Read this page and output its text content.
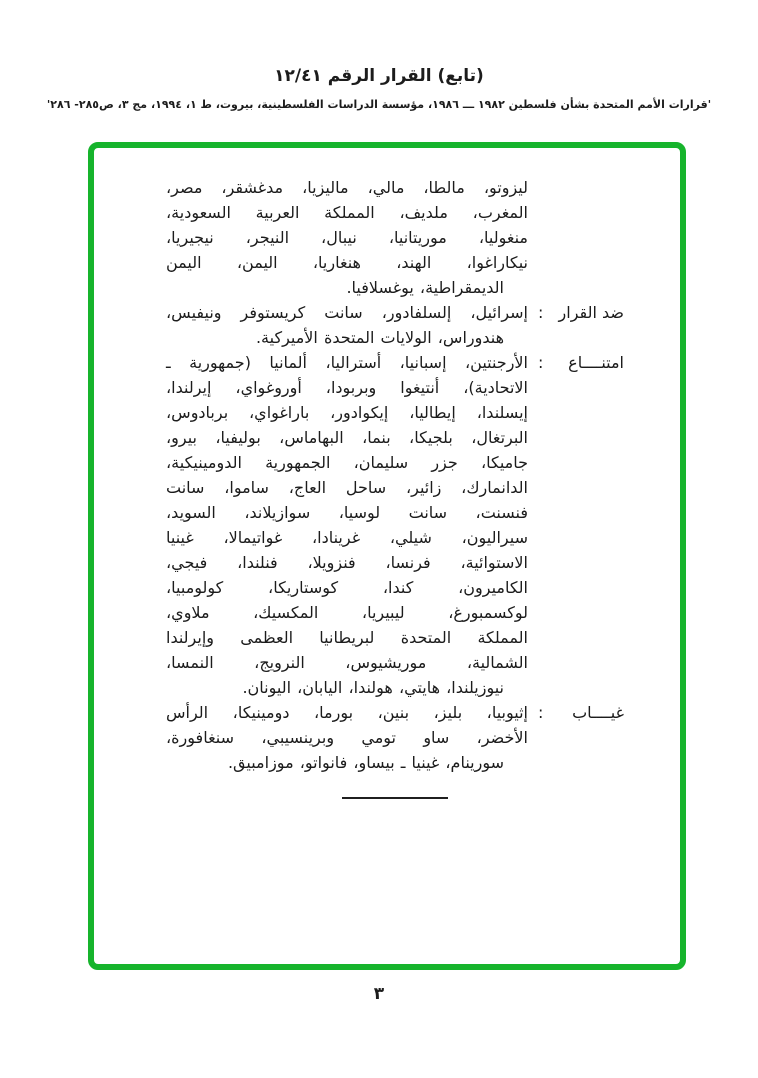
(تابع) القرار الرقم ١٢/٤١
'قرارات الأمم المتحدة بشأن فلسطين ١٩٨٢ ـــ ١٩٨٦، مؤسسة الدراسات الفلسطينية، بيروت، ط ١، ١٩٩٤، مج ٣، ص٢٨٥- ٢٨٦'
ليزوتو، مالطا، مالي، ماليزيا، مدغشقر، مصر،
المغرب، ملديف، المملكة العربية السعودية،
منغوليا، موريتانيا، نيبال، النيجر، نيجيريا،
نيكاراغوا، الهند، هنغاريا، اليمن، اليمن
الديمقراطية، يوغسلافيا.
ضد القرار
:
إسرائيل، إلسلفادور، سانت كريستوفر ونيفيس،
هندوراس، الولايات المتحدة الأميركية.
امتنــــاع
:
الأرجنتين، إسبانيا، أستراليا، ألمانيا (جمهورية ـ
الاتحادية)، أنتيغوا وبربودا، أوروغواي، إيرلندا،
إيسلندا، إيطاليا، إيكوادور، باراغواي، بربادوس،
البرتغال، بلجيكا، بنما، البهاماس، بوليفيا، بيرو،
جاميكا، جزر سليمان، الجمهورية الدومينيكية،
الدانمارك، زائير، ساحل العاج، ساموا، سانت
فنسنت، سانت لوسيا، سوازيلاند، السويد،
سيراليون، شيلي، غرينادا، غواتيمالا، غينيا
الاستوائية، فرنسا، فنزويلا، فنلندا، فيجي،
الكاميرون، كندا، كوستاريكا، كولومبيا،
لوكسمبورغ، ليبيريا، المكسيك، ملاوي،
المملكة المتحدة لبريطانيا العظمى وإيرلندا
الشمالية، موريشيوس، النرويج، النمسا،
نيوزيلندا، هايتي، هولندا، اليابان، اليونان.
غيــــاب
:
إثيوبيا، بليز، بنين، بورما، دومينيكا، الرأس
الأخضر، ساو تومي وبرينسيبي، سنغافورة،
سورينام، غينيا ـ بيساو، فانواتو، موزامبيق.
٣
